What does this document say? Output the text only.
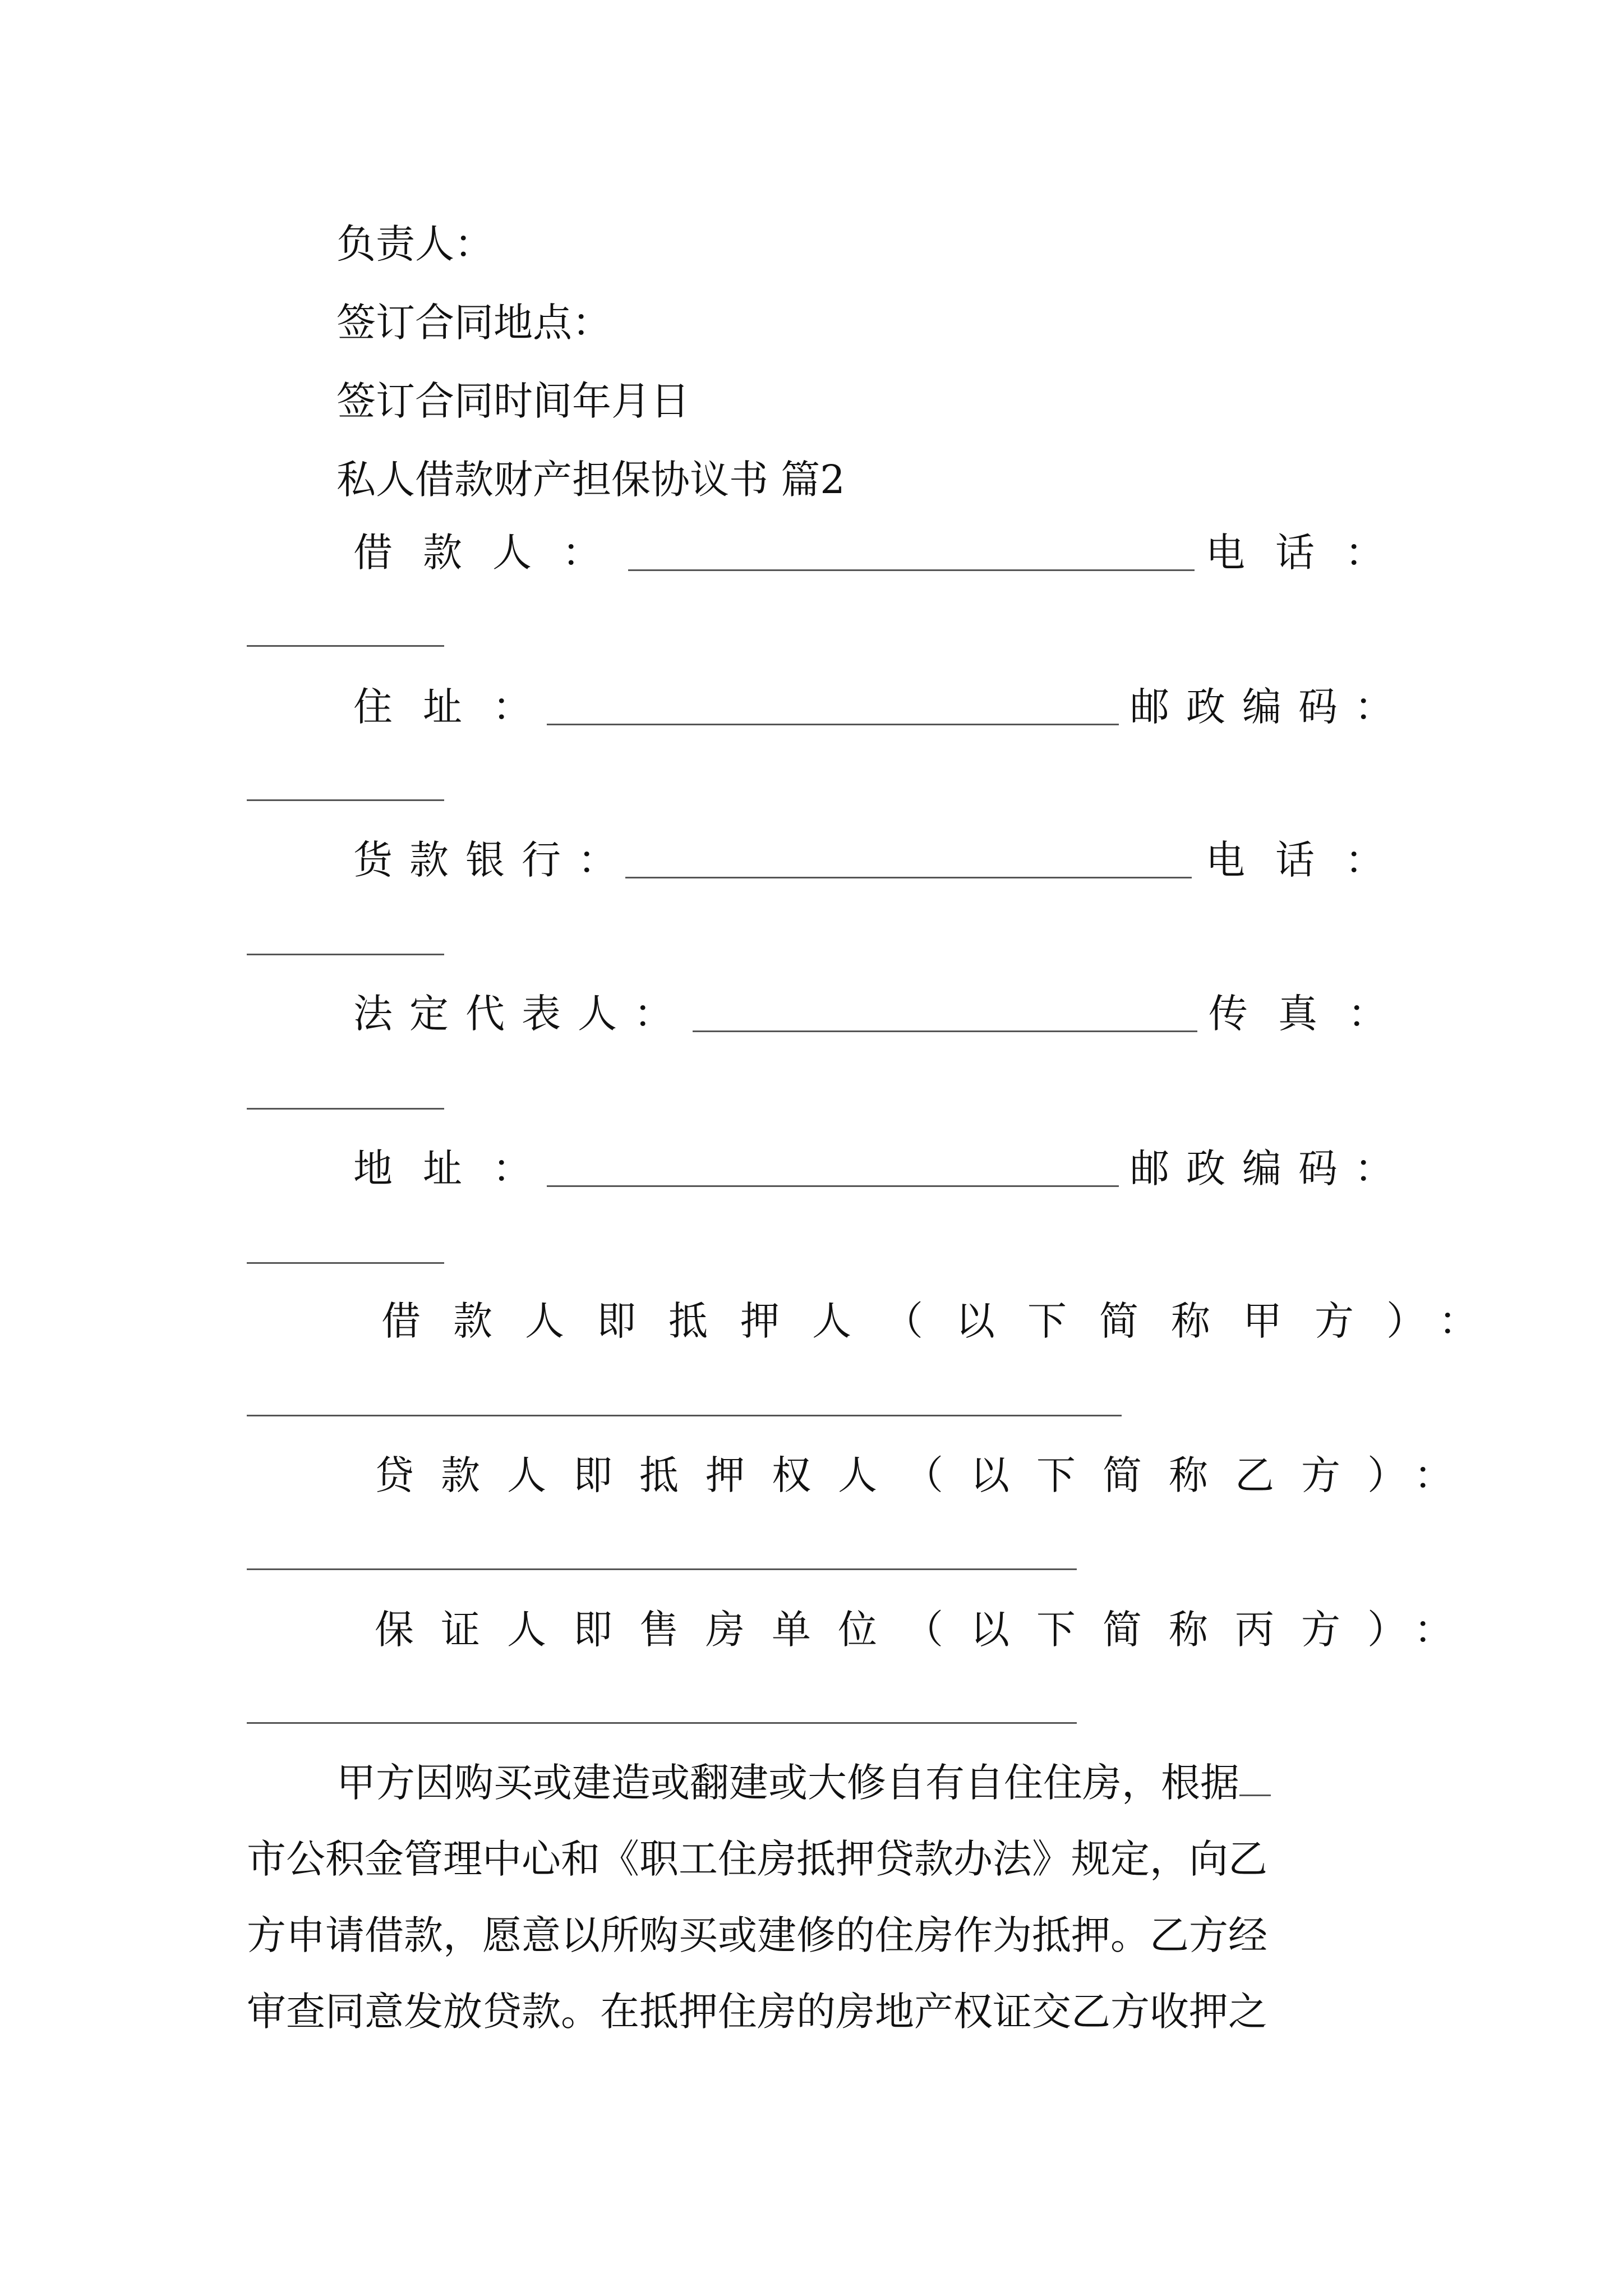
负责人：
签订合同地点：
签订合同时间年月日
私人借款财产担保协议书 篇2
借款人：	电话：
住址：	邮政编码：
货款银行：	电话：
法定代表人：	传真：
地址：	邮政编码：
借款人即抵押人（以下简称甲方）：
贷款人即抵押权人（以下简称乙方）：
保证人即售房单位（以下简称丙方）：
甲方因购买或建造或翻建或大修自有自住住房，根据
市公积金管理中心和《职工住房抵押贷款办法》规定，向乙
方申请借款，愿意以所购买或建修的住房作为抵押。乙方经
审查同意发放贷款。在抵押住房的房地产权证交乙方收押之
